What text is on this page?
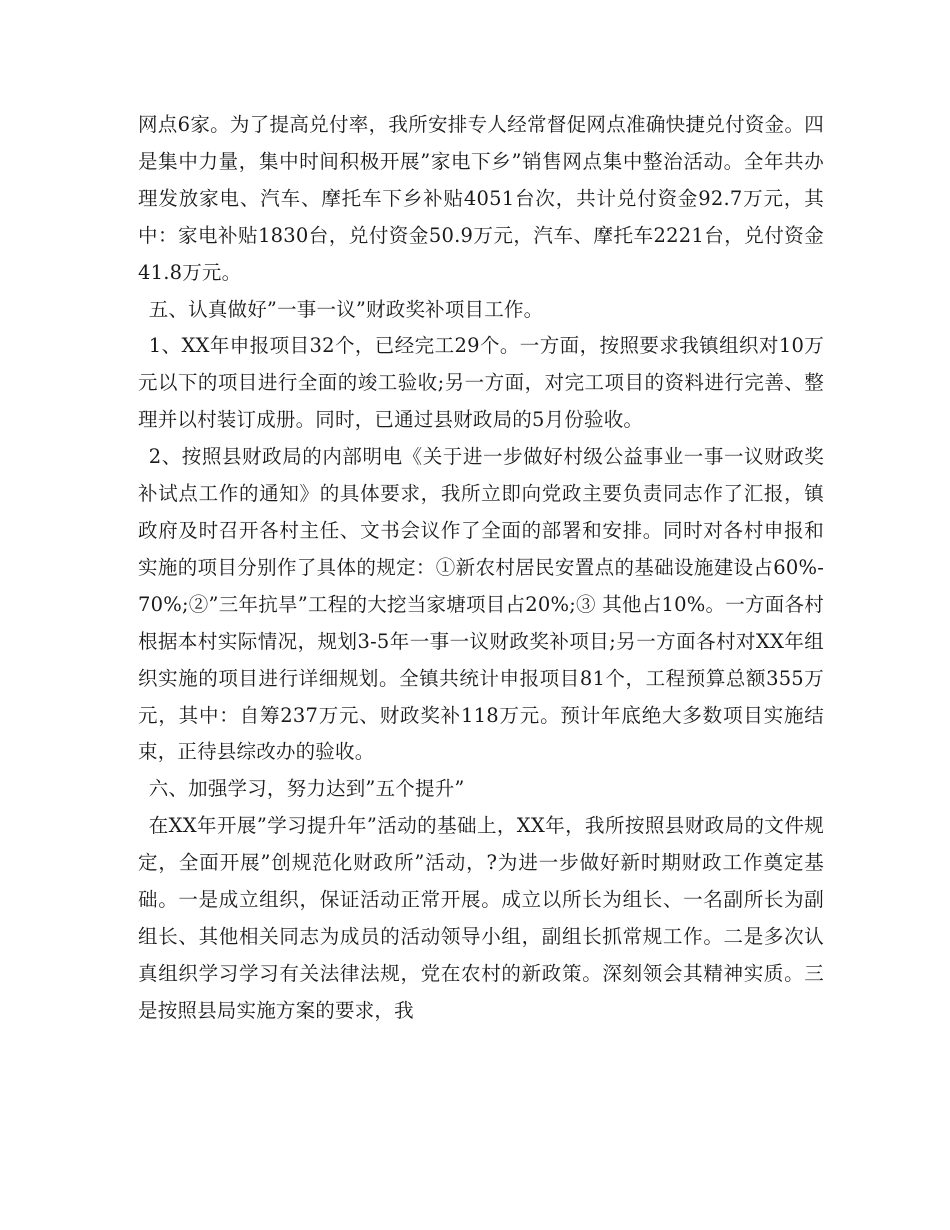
网点6家。为了提高兑付率，我所安排专人经常督促网点准确快捷兑付资金。四是集中力量，集中时间积极开展”家电下乡”销售网点集中整治活动。全年共办理发放家电、汽车、摩托车下乡补贴4051台次，共计兑付资金92.7万元，其中：家电补贴1830台，兑付资金50.9万元，汽车、摩托车2221台，兑付资金41.8万元。

五、认真做好”一事一议”财政奖补项目工作。

1、XX年申报项目32个，已经完工29个。一方面，按照要求我镇组织对10万元以下的项目进行全面的竣工验收;另一方面，对完工项目的资料进行完善、整理并以村装订成册。同时，已通过县财政局的5月份验收。

2、按照县财政局的内部明电《关于进一步做好村级公益事业一事一议财政奖补试点工作的通知》的具体要求，我所立即向党政主要负责同志作了汇报，镇政府及时召开各村主任、文书会议作了全面的部署和安排。同时对各村申报和实施的项目分别作了具体的规定：①新农村居民安置点的基础设施建设占60%-70%;②”三年抗旱”工程的大挖当家塘项目占20%;③ 其他占10%。一方面各村根据本村实际情况，规划3-5年一事一议财政奖补项目;另一方面各村对XX年组织实施的项目进行详细规划。全镇共统计申报项目81个，工程预算总额355万元，其中：自筹237万元、财政奖补118万元。预计年底绝大多数项目实施结束，正待县综改办的验收。

六、加强学习，努力达到”五个提升”

在XX年开展”学习提升年”活动的基础上，XX年，我所按照县财政局的文件规定，全面开展”创规范化财政所”活动，?为进一步做好新时期财政工作奠定基础。一是成立组织，保证活动正常开展。成立以所长为组长、一名副所长为副组长、其他相关同志为成员的活动领导小组，副组长抓常规工作。二是多次认真组织学习学习有关法律法规，党在农村的新政策。深刻领会其精神实质。三是按照县局实施方案的要求，我
